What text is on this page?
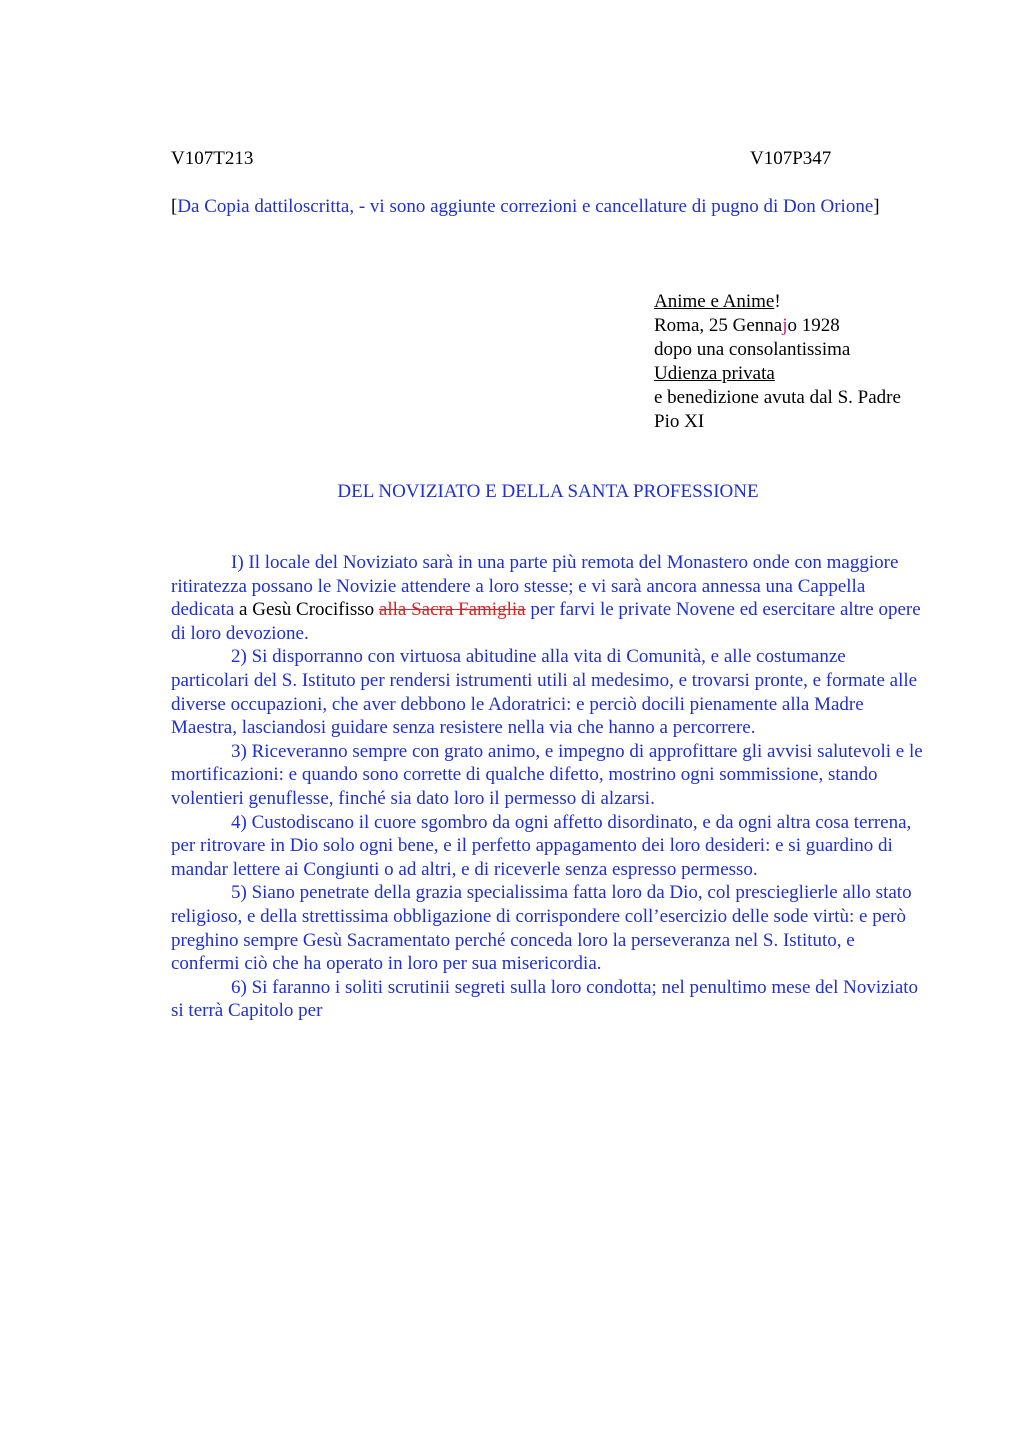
V107T213	V107P347
[Da Copia dattiloscritta, - vi sono aggiunte correzioni e cancellature di pugno di Don Orione]
Anime e Anime!
Roma, 25 Gennajo 1928
dopo una consolantissima
Udienza privata
e benedizione avuta dal S. Padre
Pio XI
DEL NOVIZIATO E DELLA SANTA PROFESSIONE

I) Il locale del Noviziato sarà in una parte più remota del Monastero onde con maggiore ritiratezza possano le Novizie attendere a loro stesse; e vi sarà ancora annessa una Cappella dedicata a Gesù Crocifisso alla Sacra Famiglia per farvi le private Novene ed esercitare altre opere di loro devozione.

2) Si disporranno con virtuosa abitudine alla vita di Comunità, e alle costumanze particolari del S. Istituto per rendersi istrumenti utili al medesimo, e trovarsi pronte, e formate alle diverse occupazioni, che aver debbono le Adoratrici: e perciò docili pienamente alla Madre Maestra, lasciandosi guidare senza resistere nella via che hanno a percorrere.

3) Riceveranno sempre con grato animo, e impegno di approfittare gli avvisi salutevoli e le mortificazioni: e quando sono corrette di qualche difetto, mostrino ogni sommissione, stando volentieri genuflesse, finché sia dato loro il permesso di alzarsi.

4) Custodiscano il cuore sgombro da ogni affetto disordinato, e da ogni altra cosa terrena, per ritrovare in Dio solo ogni bene, e il perfetto appagamento dei loro desideri: e si guardino di mandar lettere ai Congiunti o ad altri, e di riceverle senza espresso permesso.

5) Siano penetrate della grazia specialissima fatta loro da Dio, col prescieglierle allo stato religioso, e della strettissima obbligazione di corrispondere coll’esercizio delle sode virtù: e però preghino sempre Gesù Sacramentato perché conceda loro la perseveranza nel S. Istituto, e confermi ciò che ha operato in loro per sua misericordia.

6) Si faranno i soliti scrutinii segreti sulla loro condotta; nel penultimo mese del Noviziato si terrà Capitolo per
